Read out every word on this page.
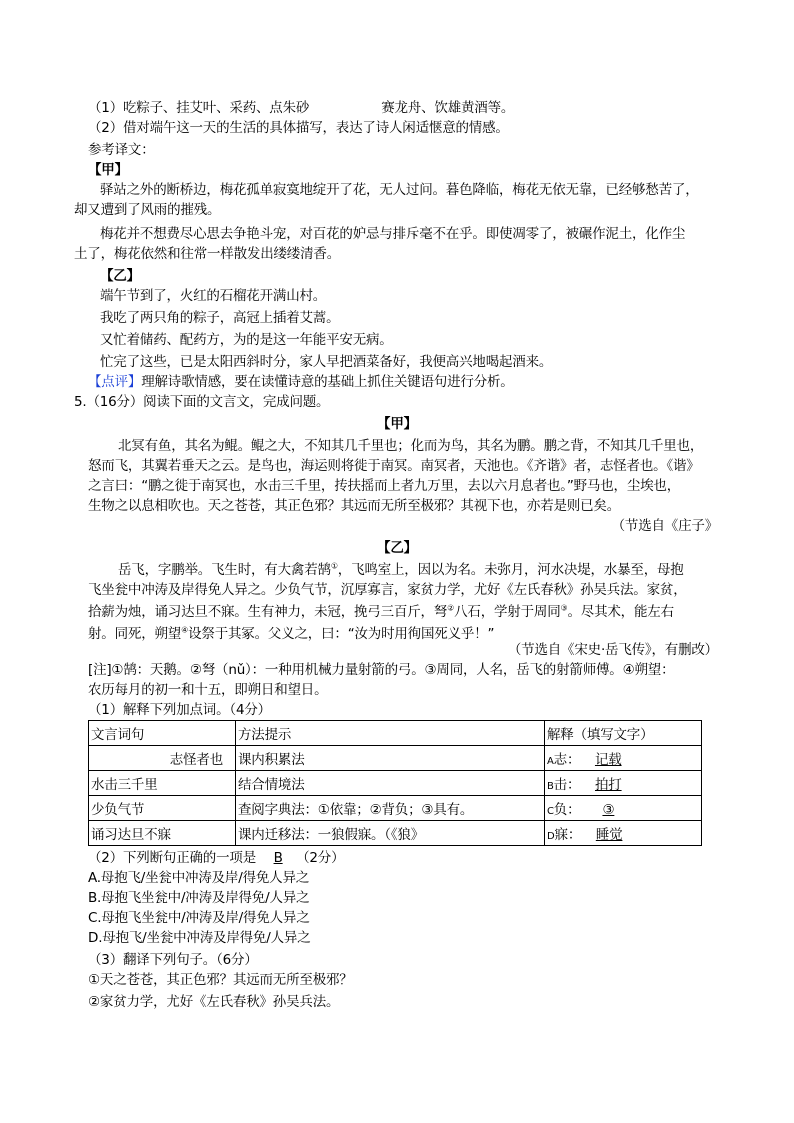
（1）吃粽子、挂艾叶、采药、点朱砂	赛龙舟、饮雄黄酒等。
（2）借对端午这一天的生活的具体描写，表达了诗人闲适惬意的情感。
参考译文：
【甲】
驿站之外的断桥边，梅花孤单寂寞地绽开了花，无人过问。暮色降临，梅花无依无靠，已经够愁苦了，
却又遭到了风雨的摧残。
梅花并不想费尽心思去争艳斗宠，对百花的妒忌与排斥毫不在乎。即使凋零了，被碾作泥土，化作尘
土了，梅花依然和往常一样散发出缕缕清香。
【乙】
端午节到了，火红的石榴花开满山村。
我吃了两只角的粽子，高冠上插着艾蒿。
又忙着储药、配药方，为的是这一年能平安无病。
忙完了这些，已是太阳西斜时分，家人早把酒菜备好，我便高兴地喝起酒来。
【点评】理解诗歌情感，要在读懂诗意的基础上抓住关键语句进行分析。
5.（16分）阅读下面的文言文，完成问题。
【甲】
北冥有鱼，其名为鲲。鲲之大，不知其几千里也；化而为鸟，其名为鹏。鹏之背，不知其几千里也，
怒而飞，其翼若垂天之云。是鸟也，海运则将徙于南冥。南冥者，天池也。《齐谐》者，志怪者也。《谐》
之言曰：“鹏之徙于南冥也，水击三千里，抟扶摇而上者九万里，去以六月息者也。”野马也，尘埃也，
生物之以息相吹也。天之苍苍，其正色邪？其远而无所至极邪？其视下也，亦若是则已矣。
（节选自《庄子》
【乙】
岳飞，字鹏举。飞生时，有大禽若鹄①，飞鸣室上，因以为名。未弥月，河水决堤，水暴至，母抱
飞坐瓮中冲涛及岸得免人异之。少负气节，沉厚寡言，家贫力学，尤好《左氏春秋》孙吴兵法。家贫，
拾薪为烛，诵习达旦不寐。生有神力，未冠，挽弓三百斤，弩②八石，学射于周同③。尽其术，能左右
射。同死，朔望④设祭于其冢。父义之，曰：“汝为时用徇国死义乎！”
（节选自《宋史·岳飞传》，有删改）
[注]①鹄：天鹅。②弩（nǔ）：一种用机械力量射箭的弓。③周同，人名，岳飞的射箭师傅。④朔望：
农历每月的初一和十五，即朔日和望日。
（1）解释下列加点词。（4分）
文言词句	方法提示	解释（填写文字）
志怪者也	课内积累法	A志： 记载
水击三千里	结合情境法	B击： 拍打
少负气节	查阅字典法：①依靠；②背负；③具有。	C负： ③
诵习达旦不寐	课内迁移法：一狼假寐。（《狼》	D寐： 睡觉
（2）下列断句正确的一项是 B （2分）
A.母抱飞/坐瓮中冲涛及岸/得免人异之
B.母抱飞坐瓮中/冲涛及岸得免/人异之
C.母抱飞坐瓮中/冲涛及岸/得免人异之
D.母抱飞/坐瓮中冲涛及岸得免/人异之
（3）翻译下列句子。（6分）
①天之苍苍，其正色邪？其远而无所至极邪？
②家贫力学，尤好《左氏春秋》孙吴兵法。
